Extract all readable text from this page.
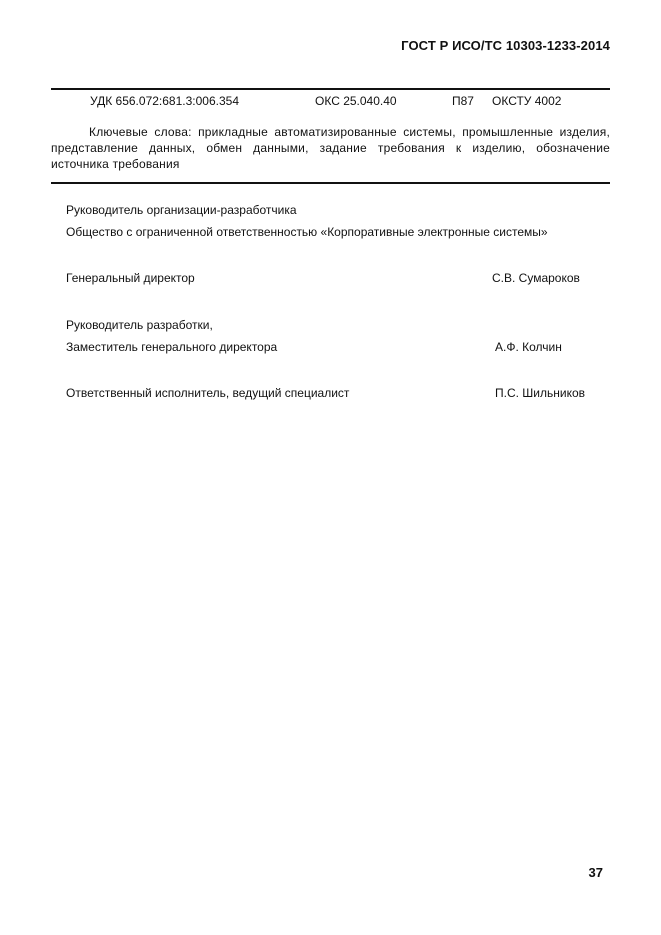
ГОСТ Р ИСО/ТС 10303-1233-2014
УДК 656.072:681.3:006.354	ОКС 25.040.40	П87 ОКСТУ 4002
Ключевые слова: прикладные автоматизированные системы, промышленные изделия, представление данных, обмен данными, задание требования к изделию, обозначение источника требования
Руководитель организации-разработчика
Общество с ограниченной ответственностью «Корпоративные электронные системы»
Генеральный директор	С.В. Сумароков
Руководитель разработки,
Заместитель генерального директора	А.Ф. Колчин
Ответственный исполнитель, ведущий специалист	П.С. Шильников
37
